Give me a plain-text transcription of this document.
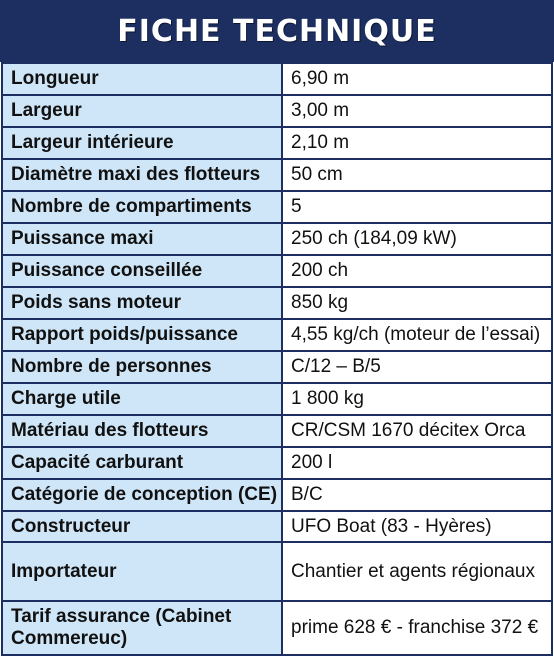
FICHE TECHNIQUE
Longueur	6,90 m
Largeur	3,00 m
Largeur intérieure	2,10 m
Diamètre maxi des flotteurs	50 cm
Nombre de compartiments	5
Puissance maxi	250 ch (184,09 kW)
Puissance conseillée	200 ch
Poids sans moteur	850 kg
Rapport poids/puissance	4,55 kg/ch (moteur de l’essai)
Nombre de personnes	C/12 – B/5
Charge utile	1 800 kg
Matériau des flotteurs	CR/CSM 1670 décitex Orca
Capacité carburant	200 l
Catégorie de conception (CE)	B/C
Constructeur	UFO Boat (83 - Hyères)
Importateur	Chantier et agents régionaux
Tarif assurance (Cabinet Commereuc)	prime 628 € - franchise 372 €
